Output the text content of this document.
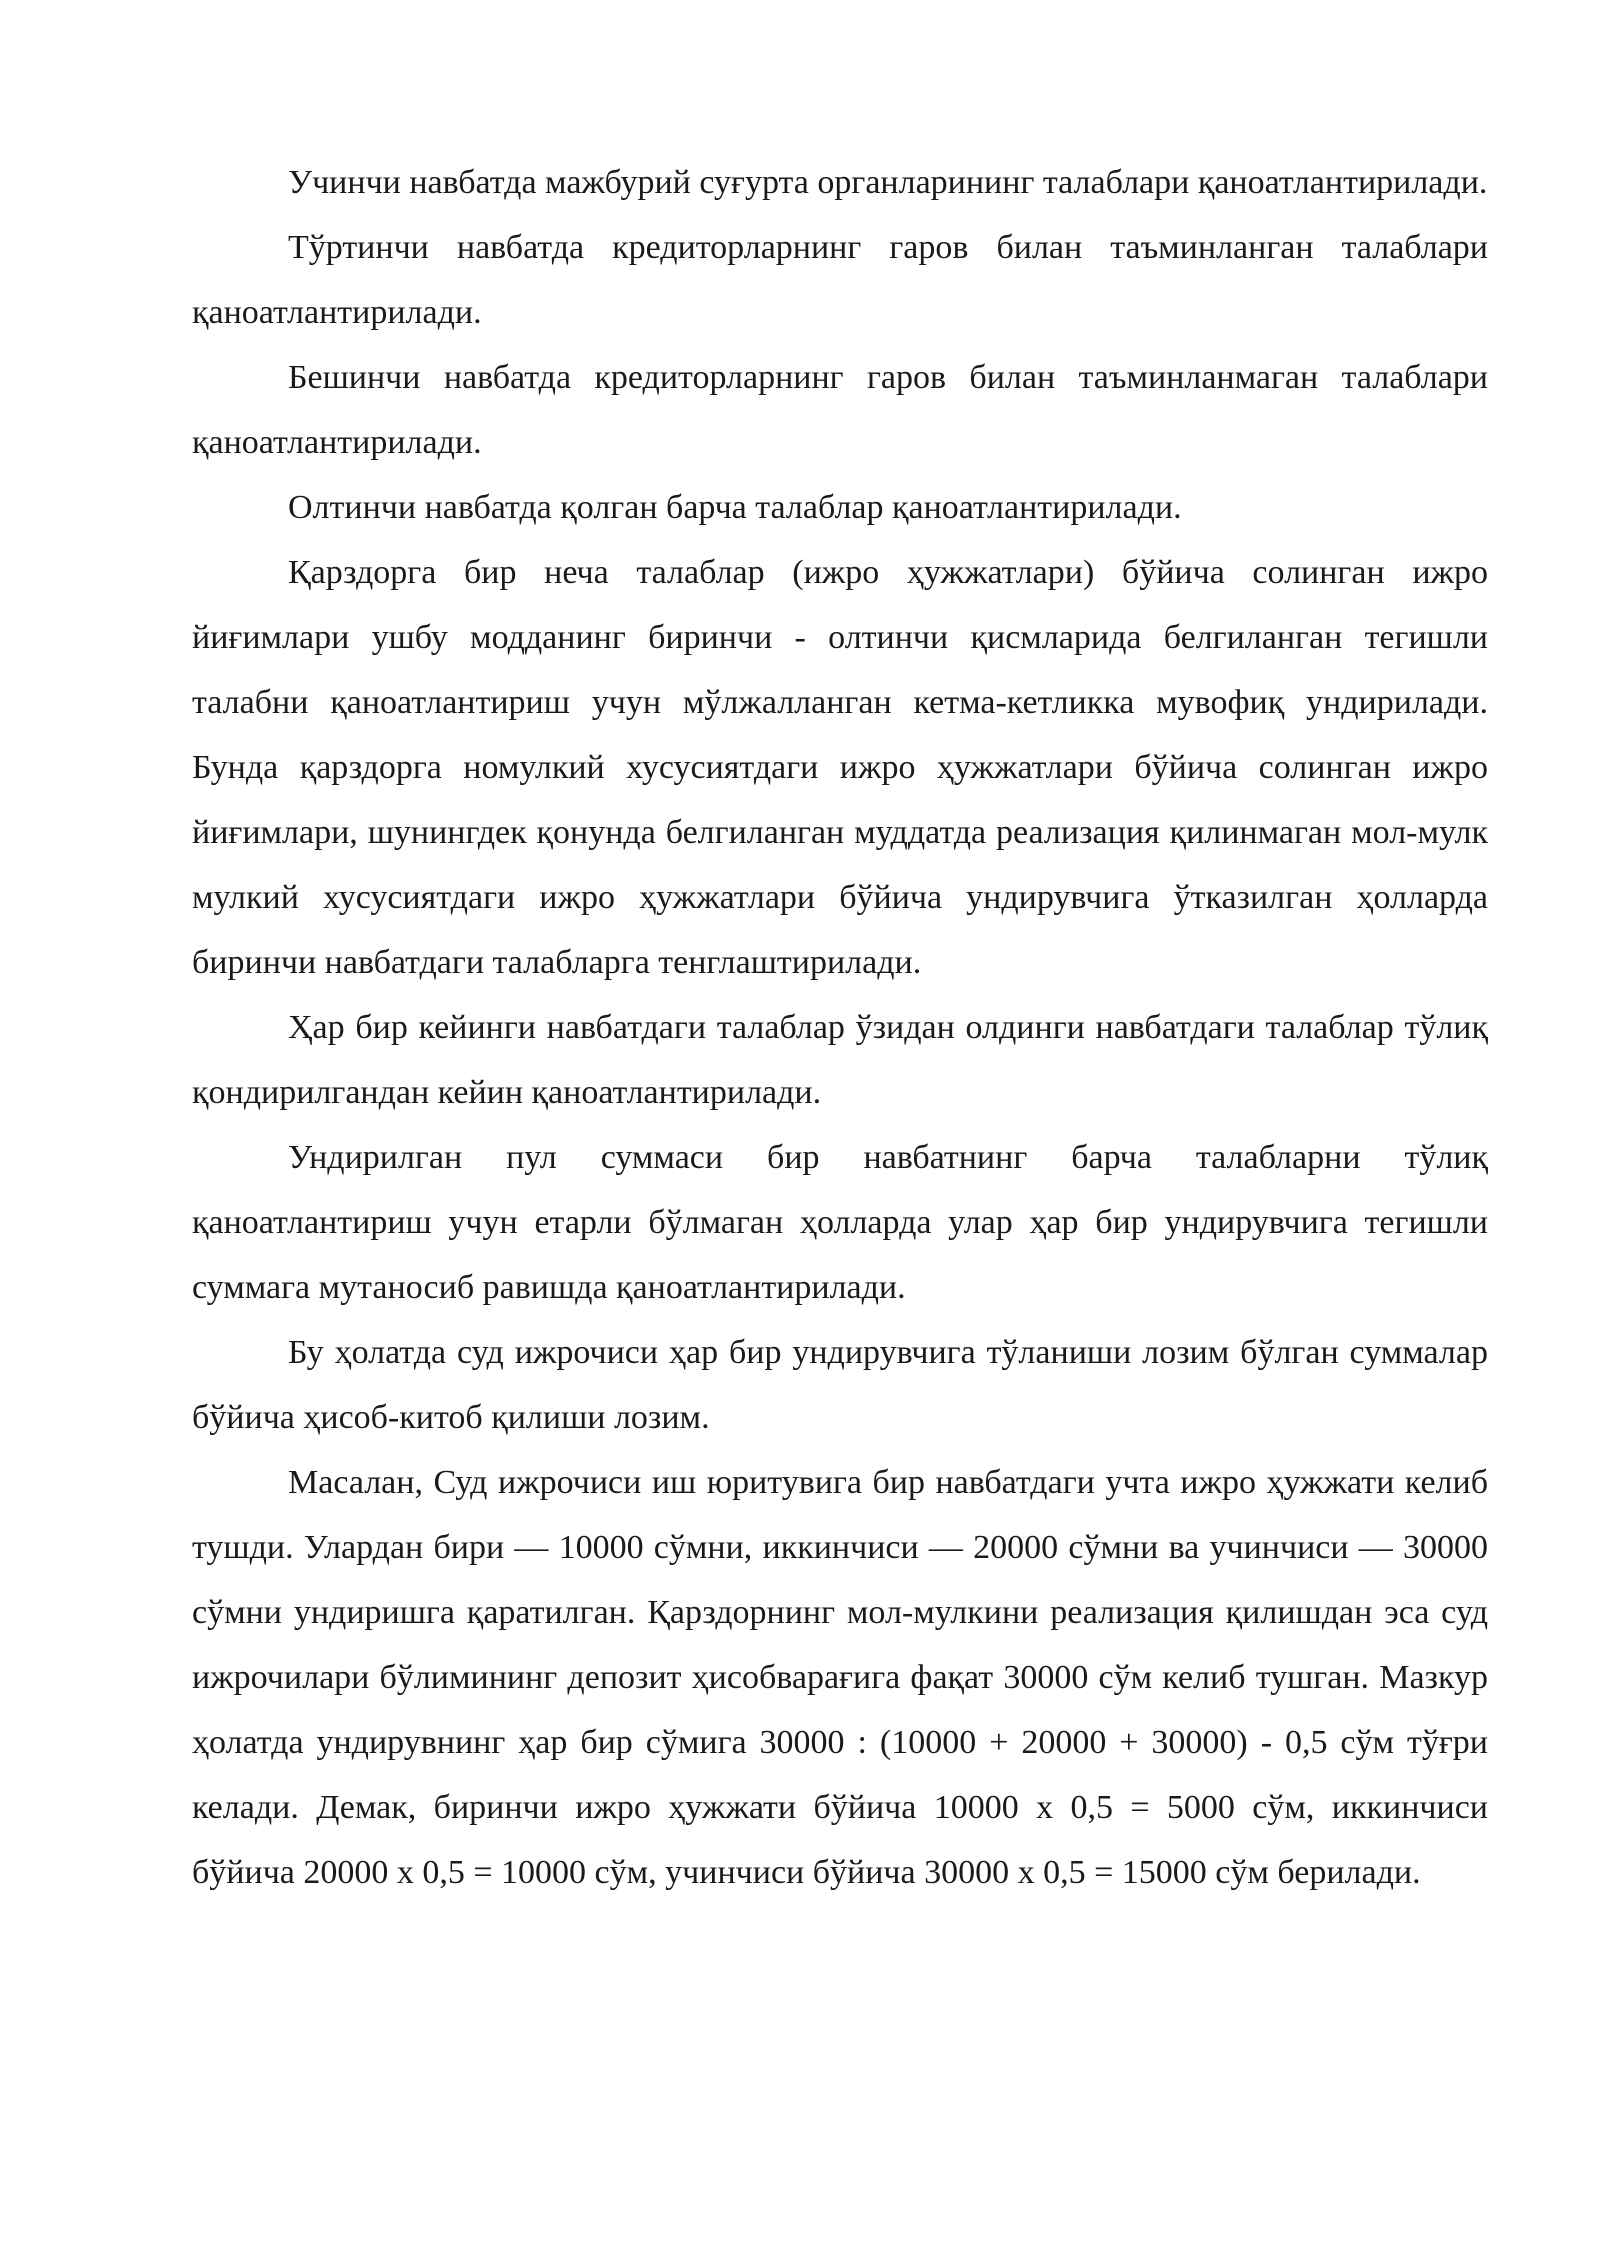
Учинчи навбатда мажбурий суғурта органларининг талаблари қаноатлантирилади.

Тўртинчи навбатда кредиторларнинг гаров билан таъминланган талаблари қаноатлантирилади.

Бешинчи навбатда кредиторларнинг гаров билан таъминланмаган талаблари қаноатлантирилади.

Олтинчи навбатда қолган барча талаблар қаноатлантирилади.

Қарздорга бир неча талаблар (ижро ҳужжатлари) бўйича солинган ижро йиғимлари ушбу модданинг биринчи - олтинчи қисмларида белгиланган тегишли талабни қаноатлантириш учун мўлжалланган кетма-кетликка мувофиқ ундирилади. Бунда қарздорга номулкий хусусиятдаги ижро ҳужжатлари бўйича солинган ижро йиғимлари, шунингдек қонунда белгиланган муддатда реализация қилинмаган мол-мулк мулкий хусусиятдаги ижро ҳужжатлари бўйича ундирувчига ўтказилган ҳолларда биринчи навбатдаги талабларга тенглаштирилади.

Ҳар бир кейинги навбатдаги талаблар ўзидан олдинги навбатдаги талаблар тўлиқ қондирилгандан кейин қаноатлантирилади.

Ундирилган пул суммаси бир навбатнинг барча талабларни тўлиқ қаноатлантириш учун етарли бўлмаган ҳолларда улар ҳар бир ундирувчига тегишли суммага мутаносиб равишда қаноатлантирилади.

Бу ҳолатда суд ижрочиси ҳар бир ундирувчига тўланиши лозим бўлган суммалар бўйича ҳисоб-китоб қилиши лозим.

Масалан, Суд ижрочиси иш юритувига бир навбатдаги учта ижро ҳужжати келиб тушди. Улардан бири — 10000 сўмни, иккинчиси — 20000 сўмни ва учинчиси — 30000 сўмни ундиришга қаратилган. Қарздорнинг мол-мулкини реализация қилишдан эса суд ижрочилари бўлимининг депозит ҳисобварағига фақат 30000 сўм келиб тушган. Мазкур ҳолатда ундирувнинг ҳар бир сўмига 30000 : (10000 + 20000 + 30000) - 0,5 сўм тўғри келади. Демак, биринчи ижро ҳужжати бўйича 10000 х 0,5 = 5000 сўм, иккинчиси бўйича 20000 х 0,5 = 10000 сўм, учинчиси бўйича 30000 х 0,5 = 15000 сўм берилади.
